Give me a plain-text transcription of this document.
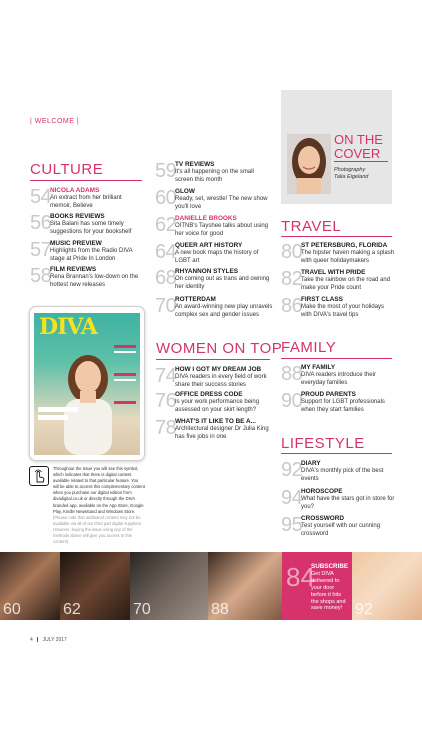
| WELCOME |
CULTURE
54
NICOLA ADAMS
An extract from her brilliant memoir, Believe
56
BOOKS REVIEWS
Sita Balani has some timely suggestions for your bookshelf
57
MUSIC PREVIEW
Highlights from the Radio DIVA stage at Pride In London
58
FILM REVIEWS
Rena Brannan's low-down on the hottest new releases
DIVA
Throughout the issue you will see this symbol, which indicates that there is digital content available related to that particular feature. You will be able to access this complementary content when you purchase our digital edition from divadigital.co.uk or directly through the DIVA branded app, available on the App Store, Google Play, Kindle Newsstand and Windows Store. (Please note that additional content may not be available via all of our third part digital suppliers. However, buying the issue using any of the methods above will give you access to this content)
59
TV REVIEWS
It's all happening on the small screen this month
60
GLOW
Ready, set, wrestle! The new show you'll love
62
DANIELLE BROOKS
OITNB's Tayshee talks about using her voice for good
64
QUEER ART HISTORY
A new book maps the history of LGBT art
68
RHYANNON STYLES
On coming out as trans and owning her identity
70
ROTTERDAM
An award-winning new play unravels complex sex and gender issues
WOMEN ON TOP
74
HOW I GOT MY DREAM JOB
DIVA readers in every field of work share their success stories
76
OFFICE DRESS CODE
Is your work performance being assessed on your skirt length?
78
WHAT'S IT LIKE TO BE A...
Architectural designer Dr Julia King has five jobs in one
ON THE
COVER
Photography
Talia Eigeland
TRAVEL
80
ST PETERSBURG, FLORIDA
The hipster haven making a splash with queer holidaymakers
82
TRAVEL WITH PRIDE
Take the rainbow on the road and make your Pride count
86
FIRST CLASS
Make the most of your holidays with DIVA's travel tips
FAMILY
88
MY FAMILY
DIVA readers introduce their everyday families
90
PROUD PARENTS
Support for LGBT professionals when they start families
LIFESTYLE
92
DIARY
DIVA's monthly pick of the best events
94
HOROSCOPE
What have the stars got in store for you?
95
CROSSWORD
Test yourself with our cunning crossword
60	62	70	88
84
SUBSCRIBE
Get DIVA delivered to your door before it hits the shops and save money! 92
4 JULY 2017
